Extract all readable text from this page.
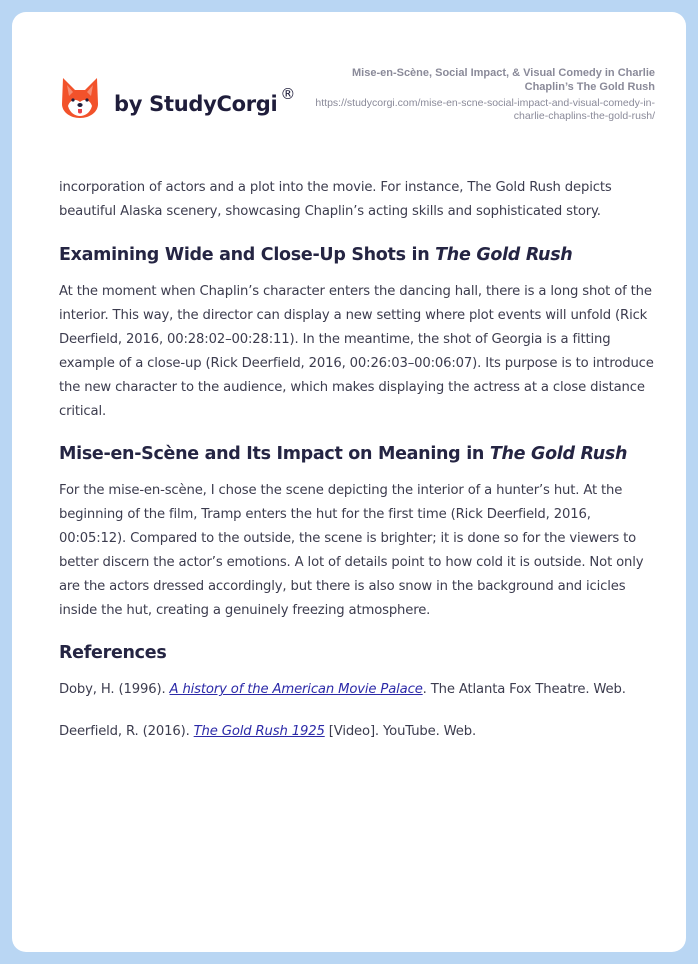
by StudyCorgi ®
Mise-en-Scène, Social Impact, & Visual Comedy in Charlie Chaplin’s The Gold Rush
https://studycorgi.com/mise-en-scne-social-impact-and-visual-comedy-in-charlie-chaplins-the-gold-rush/

incorporation of actors and a plot into the movie. For instance, The Gold Rush depicts beautiful Alaska scenery, showcasing Chaplin’s acting skills and sophisticated story.

Examining Wide and Close-Up Shots in The Gold Rush

At the moment when Chaplin’s character enters the dancing hall, there is a long shot of the interior. This way, the director can display a new setting where plot events will unfold (Rick Deerfield, 2016, 00:28:02–00:28:11). In the meantime, the shot of Georgia is a fitting example of a close-up (Rick Deerfield, 2016, 00:26:03–00:06:07). Its purpose is to introduce the new character to the audience, which makes displaying the actress at a close distance critical.

Mise-en-Scène and Its Impact on Meaning in The Gold Rush

For the mise-en-scène, I chose the scene depicting the interior of a hunter’s hut. At the beginning of the film, Tramp enters the hut for the first time (Rick Deerfield, 2016, 00:05:12). Compared to the outside, the scene is brighter; it is done so for the viewers to better discern the actor’s emotions. A lot of details point to how cold it is outside. Not only are the actors dressed accordingly, but there is also snow in the background and icicles inside the hut, creating a genuinely freezing atmosphere.

References

Doby, H. (1996). A history of the American Movie Palace. The Atlanta Fox Theatre. Web.

Deerfield, R. (2016). The Gold Rush 1925 [Video]. YouTube. Web.
